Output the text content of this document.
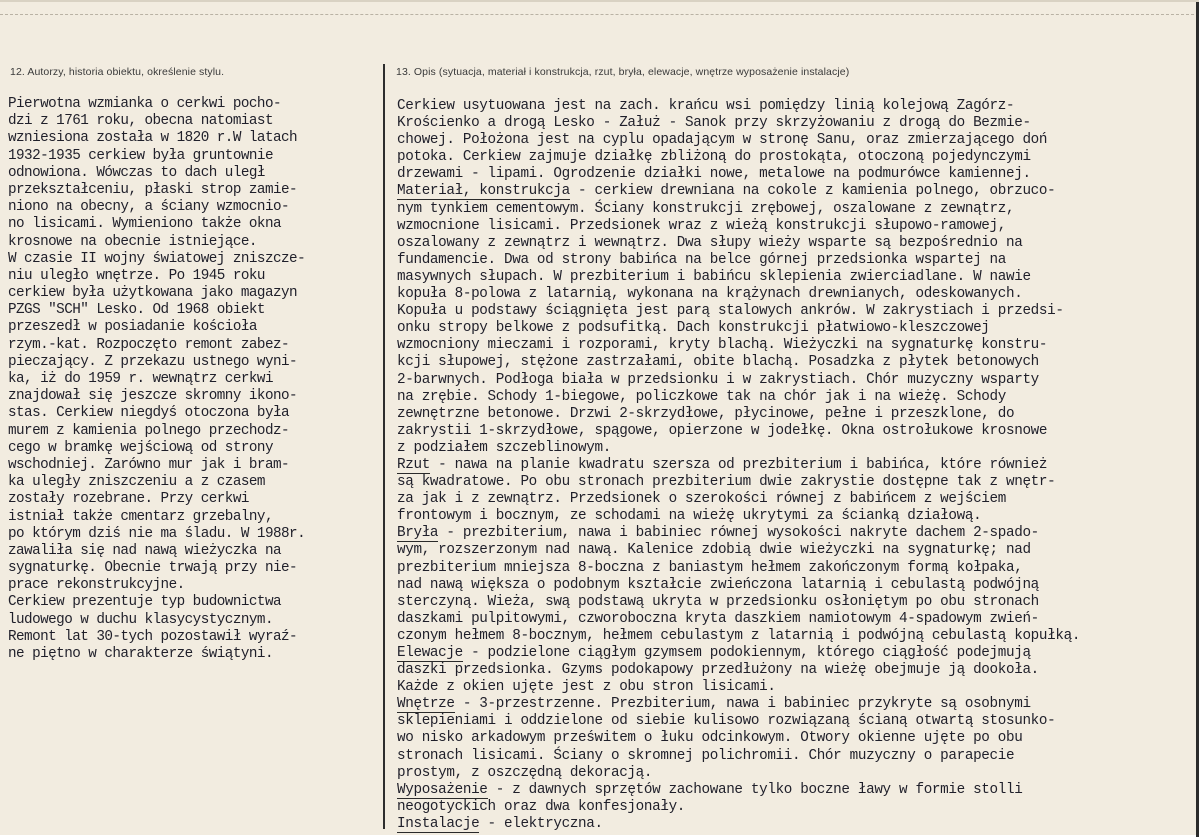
12. Autorzy, historia obiektu, określenie stylu.	13. Opis (sytuacja, materiał i konstrukcja, rzut, bryła, elewacje, wnętrze wyposażenie instalacje)
Pierwotna wzmianka o cerkwi pocho-
dzi z 1761 roku, obecna natomiast
wzniesiona została w 1820 r.W latach
1932-1935 cerkiew była gruntownie
odnowiona. Wówczas to dach uległ
przekształceniu, płaski strop zamie-
niono na obecny, a ściany wzmocnio-
no lisicami. Wymieniono także okna
krosnowe na obecnie istniejące.
W czasie II wojny światowej zniszcze-
niu uległo wnętrze. Po 1945 roku
cerkiew była użytkowana jako magazyn
PZGS "SCH" Lesko. Od 1968 obiekt
przeszedł w posiadanie kościoła
rzym.-kat. Rozpoczęto remont zabez-
pieczający. Z przekazu ustnego wyni-
ka, iż do 1959 r. wewnątrz cerkwi
znajdował się jeszcze skromny ikono-
stas. Cerkiew niegdyś otoczona była
murem z kamienia polnego przechodz-
cego w bramkę wejściową od strony
wschodniej. Zarówno mur jak i bram-
ka uległy zniszczeniu a z czasem
zostały rozebrane. Przy cerkwi
istniał także cmentarz grzebalny,
po którym dziś nie ma śladu. W 1988r.
zawaliła się nad nawą wieżyczka na
sygnaturkę. Obecnie trwają przy nie-
prace rekonstrukcyjne.
Cerkiew prezentuje typ budownictwa
ludowego w duchu klasycystycznym.
Remont lat 30-tych pozostawił wyraź-
ne piętno w charakterze świątyni.
Cerkiew usytuowana jest na zach. krańcu wsi pomiędzy linią kolejową Zagórz-
Krościenko a drogą Lesko - Załuż - Sanok przy skrzyżowaniu z drogą do Bezmie-
chowej. Położona jest na cyplu opadającym w stronę Sanu, oraz zmierzającego doń
potoka. Cerkiew zajmuje działkę zbliżoną do prostokąta, otoczoną pojedynczymi
drzewami - lipami. Ogrodzenie działki nowe, metalowe na podmurówce kamiennej.
Materiał, konstrukcja - cerkiew drewniana na cokole z kamienia polnego, obrzuco-
nym tynkiem cementowym. Ściany konstrukcji zrębowej, oszalowane z zewnątrz,
wzmocnione lisicami. Przedsionek wraz z wieżą konstrukcji słupowo-ramowej,
oszalowany z zewnątrz i wewnątrz. Dwa słupy wieży wsparte są bezpośrednio na
fundamencie. Dwa od strony babińca na belce górnej przedsionka wspartej na
masywnych słupach. W prezbiterium i babińcu sklepienia zwierciadlane. W nawie
kopuła 8-polowa z latarnią, wykonana na krążynach drewnianych, odeskowanych.
Kopuła u podstawy ściągnięta jest parą stalowych ankrów. W zakrystiach i przedsi-
onku stropy belkowe z podsufitką. Dach konstrukcji płatwiowo-kleszczowej
wzmocniony mieczami i rozporami, kryty blachą. Wieżyczki na sygnaturkę konstru-
kcji słupowej, stężone zastrzałami, obite blachą. Posadzka z płytek betonowych
2-barwnych. Podłoga biała w przedsionku i w zakrystiach. Chór muzyczny wsparty
na zrębie. Schody 1-biegowe, policzkowe tak na chór jak i na wieżę. Schody
zewnętrzne betonowe. Drzwi 2-skrzydłowe, płycinowe, pełne i przeszklone, do
zakrystii 1-skrzydłowe, spągowe, opierzone w jodełkę. Okna ostrołukowe krosnowe
z podziałem szczeblinowym.
Rzut - nawa na planie kwadratu szersza od prezbiterium i babińca, które również
są kwadratowe. Po obu stronach prezbiterium dwie zakrystie dostępne tak z wnętr-
za jak i z zewnątrz. Przedsionek o szerokości równej z babińcem z wejściem
frontowym i bocznym, ze schodami na wieżę ukrytymi za ścianką działową.
Bryła - prezbiterium, nawa i babiniec równej wysokości nakryte dachem 2-spado-
wym, rozszerzonym nad nawą. Kalenice zdobią dwie wieżyczki na sygnaturkę; nad
prezbiterium mniejsza 8-boczna z baniastym hełmem zakończonym formą kołpaka,
nad nawą większa o podobnym kształcie zwieńczona latarnią i cebulastą podwójną
sterczyną. Wieża, swą podstawą ukryta w przedsionku osłoniętym po obu stronach
daszkami pulpitowymi, czworoboczna kryta daszkiem namiotowym 4-spadowym zwień-
czonym hełmem 8-bocznym, hełmem cebulastym z latarnią i podwójną cebulastą kopułką.
Elewacje - podzielone ciągłym gzymsem podokiennym, którego ciągłość podejmują
daszki przedsionka. Gzyms podokapowy przedłużony na wieżę obejmuje ją dookoła.
Każde z okien ujęte jest z obu stron lisicami.
Wnętrze - 3-przestrzenne. Prezbiterium, nawa i babiniec przykryte są osobnymi
sklepieniami i oddzielone od siebie kulisowo rozwiązaną ścianą otwartą stosunko-
wo nisko arkadowym prześwitem o łuku odcinkowym. Otwory okienne ujęte po obu
stronach lisicami. Ściany o skromnej polichromii. Chór muzyczny o parapecie
prostym, z oszczędną dekoracją.
Wyposażenie - z dawnych sprzętów zachowane tylko boczne ławy w formie stolli
neogotyckich oraz dwa konfesjonały.
Instalacje - elektryczna.
